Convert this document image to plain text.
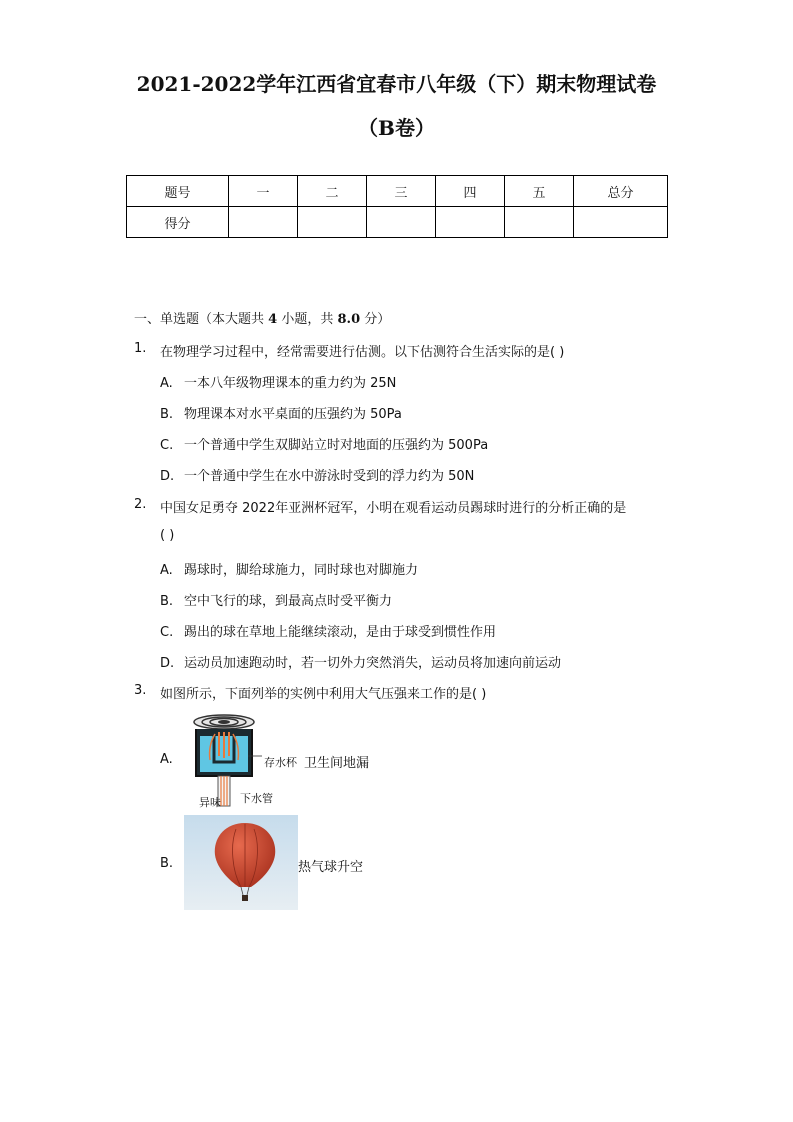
2021-2022学年江西省宜春市八年级（下）期末物理试卷
（B卷）
题号	一	二	三	四	五	总分
得分						
一、单选题（本大题共 4 小题，共 8.0 分）
1. 在物理学习过程中，经常需要进行估测。以下估测符合生活实际的是( )
A. 一本八年级物理课本的重力约为 25N
B. 物理课本对水平桌面的压强约为 50Pa
C. 一个普通中学生双脚站立时对地面的压强约为 500Pa
D. 一个普通中学生在水中游泳时受到的浮力约为 50N
2. 中国女足勇夺 2022年亚洲杯冠军，小明在观看运动员踢球时进行的分析正确的是
( )
A. 踢球时，脚给球施力，同时球也对脚施力
B. 空中飞行的球，到最高点时受平衡力
C. 踢出的球在草地上能继续滚动，是由于球受到惯性作用
D. 运动员加速跑动时，若一切外力突然消失，运动员将加速向前运动
3. 如图所示，下面列举的实例中利用大气压强来工作的是( )
A.	存水杯 卫生间地漏
异味 下水管
B.	热气球升空
